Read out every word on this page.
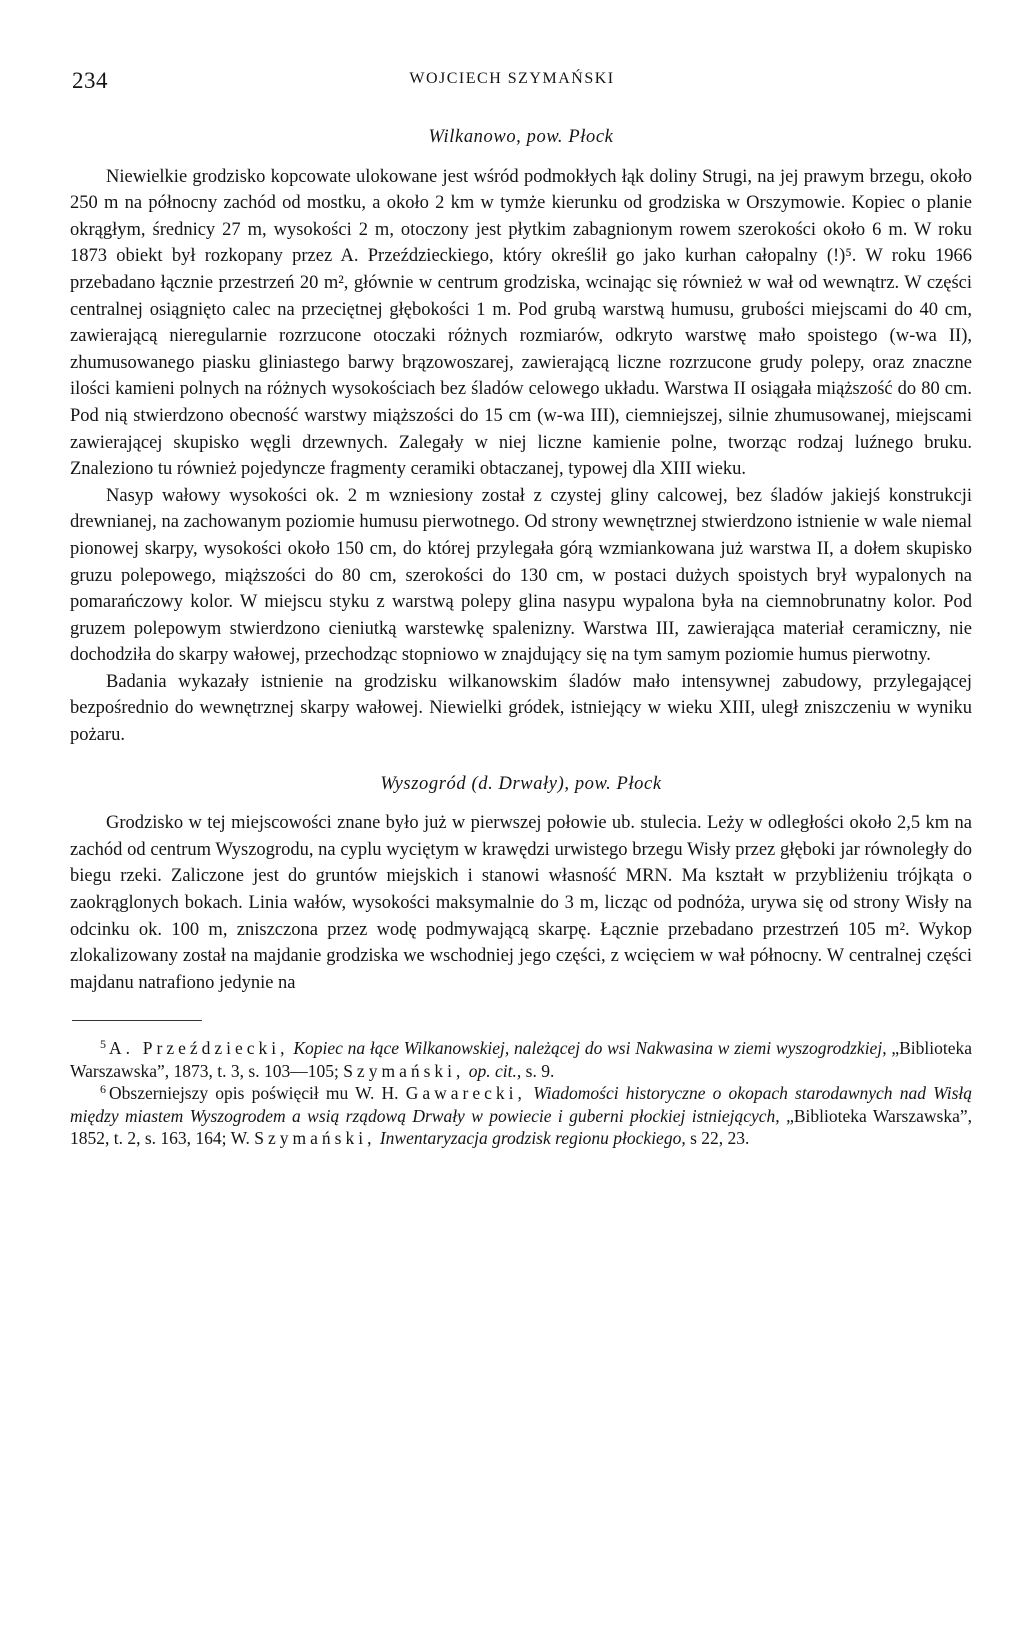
234	WOJCIECH SZYMAŃSKI
Wilkanowo, pow. Płock

Niewielkie grodzisko kopcowate ulokowane jest wśród podmokłych łąk doliny Strugi, na jej prawym brzegu, około 250 m na północny zachód od mostku, a około 2 km w tymże kierunku od grodziska w Orszymowie. Kopiec o planie okrągłym, średnicy 27 m, wysokości 2 m, otoczony jest płytkim zabagnionym rowem szerokości około 6 m. W roku 1873 obiekt był rozkopany przez A. Przeździeckiego, który określił go jako kurhan całopalny (!)⁵. W roku 1966 przebadano łącznie przestrzeń 20 m², głównie w centrum grodziska, wcinając się również w wał od wewnątrz. W części centralnej osiągnięto calec na przeciętnej głębokości 1 m. Pod grubą warstwą humusu, grubości miejscami do 40 cm, zawierającą nieregularnie rozrzucone otoczaki różnych rozmiarów, odkryto warstwę mało spoistego (w-wa II), zhumusowanego piasku gliniastego barwy brązowoszarej, zawierającą liczne rozrzucone grudy polepy, oraz znaczne ilości kamieni polnych na różnych wysokościach bez śladów celowego układu. Warstwa II osiągała miąższość do 80 cm. Pod nią stwierdzono obecność warstwy miąższości do 15 cm (w-wa III), ciemniejszej, silnie zhumusowanej, miejscami zawierającej skupisko węgli drzewnych. Zalegały w niej liczne kamienie polne, tworząc rodzaj luźnego bruku. Znaleziono tu również pojedyncze fragmenty ceramiki obtaczanej, typowej dla XIII wieku.

Nasyp wałowy wysokości ok. 2 m wzniesiony został z czystej gliny calcowej, bez śladów jakiejś konstrukcji drewnianej, na zachowanym poziomie humusu pierwotnego. Od strony wewnętrznej stwierdzono istnienie w wale niemal pionowej skarpy, wysokości około 150 cm, do której przylegała górą wzmiankowana już warstwa II, a dołem skupisko gruzu polepowego, miąższości do 80 cm, szerokości do 130 cm, w postaci dużych spoistych brył wypalonych na pomarańczowy kolor. W miejscu styku z warstwą polepy glina nasypu wypalona była na ciemnobrunatny kolor. Pod gruzem polepowym stwierdzono cieniutką warstewkę spalenizny. Warstwa III, zawierająca materiał ceramiczny, nie dochodziła do skarpy wałowej, przechodząc stopniowo w znajdujący się na tym samym poziomie humus pierwotny.

Badania wykazały istnienie na grodzisku wilkanowskim śladów mało intensywnej zabudowy, przylegającej bezpośrednio do wewnętrznej skarpy wałowej. Niewielki gródek, istniejący w wieku XIII, uległ zniszczeniu w wyniku pożaru.

Wyszogród (d. Drwały), pow. Płock

Grodzisko w tej miejscowości znane było już w pierwszej połowie ub. stulecia. Leży w odległości około 2,5 km na zachód od centrum Wyszogrodu, na cyplu wyciętym w krawędzi urwistego brzegu Wisły przez głęboki jar równoległy do biegu rzeki. Zaliczone jest do gruntów miejskich i stanowi własność MRN. Ma kształt w przybliżeniu trójkąta o zaokrąglonych bokach. Linia wałów, wysokości maksymalnie do 3 m, licząc od podnóża, urywa się od strony Wisły na odcinku ok. 100 m, zniszczona przez wodę podmywającą skarpę. Łącznie przebadano przestrzeń 105 m². Wykop zlokalizowany został na majdanie grodziska we wschodniej jego części, z wcięciem w wał północny. W centralnej części majdanu natrafiono jedynie na

$^5$ A. Przeździecki, Kopiec na łące Wilkanowskiej, należącej do wsi Nakwasina w ziemi wyszogrodzkiej, „Biblioteka Warszawska”, 1873, t. 3, s. 103—105; Szymański, op. cit., s. 9.

$^6$ Obszerniejszy opis poświęcił mu W. H. Gawarecki, Wiadomości historyczne o okopach starodawnych nad Wisłą między miastem Wyszogrodem a wsią rządową Drwały w powiecie i guberni płockiej istniejących, „Biblioteka Warszawska”, 1852, t. 2, s. 163, 164; W. Szymański, Inwentaryzacja grodzisk regionu płockiego, s 22, 23.
